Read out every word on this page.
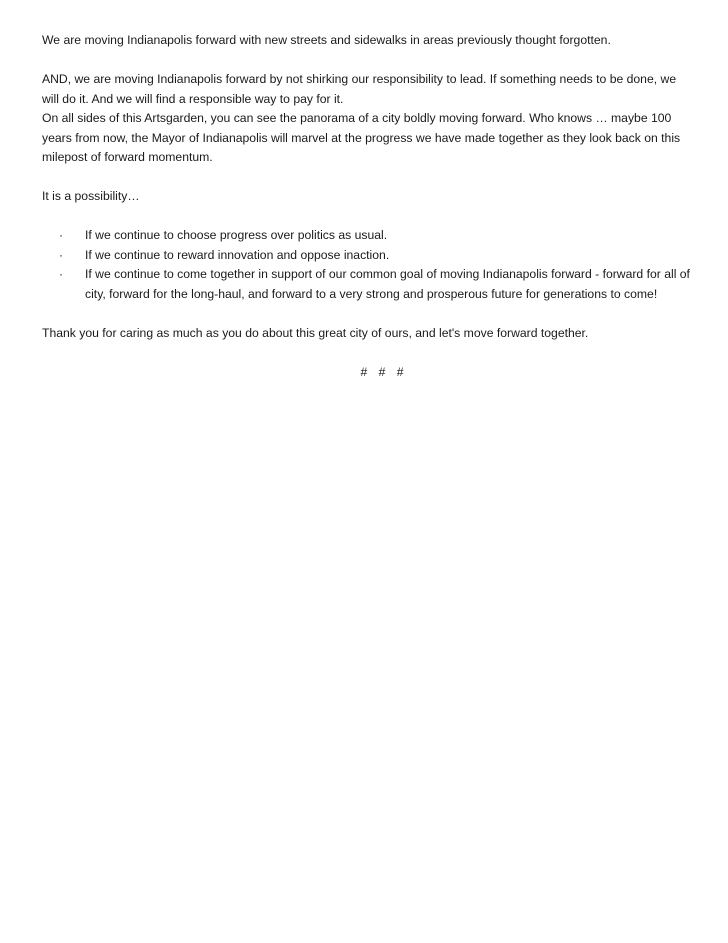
We are moving Indianapolis forward with new streets and sidewalks in areas previously thought forgotten.

AND, we are moving Indianapolis forward by not shirking our responsibility to lead. If something needs to be done, we will do it. And we will find a responsible way to pay for it.

On all sides of this Artsgarden, you can see the panorama of a city boldly moving forward. Who knows … maybe 100 years from now, the Mayor of Indianapolis will marvel at the progress we have made together as they look back on this milepost of forward momentum.

It is a possibility…

· If we continue to choose progress over politics as usual.
· If we continue to reward innovation and oppose inaction.
· If we continue to come together in support of our common goal of moving Indianapolis forward - forward for all of city, forward for the long-haul, and forward to a very strong and prosperous future for generations to come!

Thank you for caring as much as you do about this great city of ours, and let's move forward together.

# # #
